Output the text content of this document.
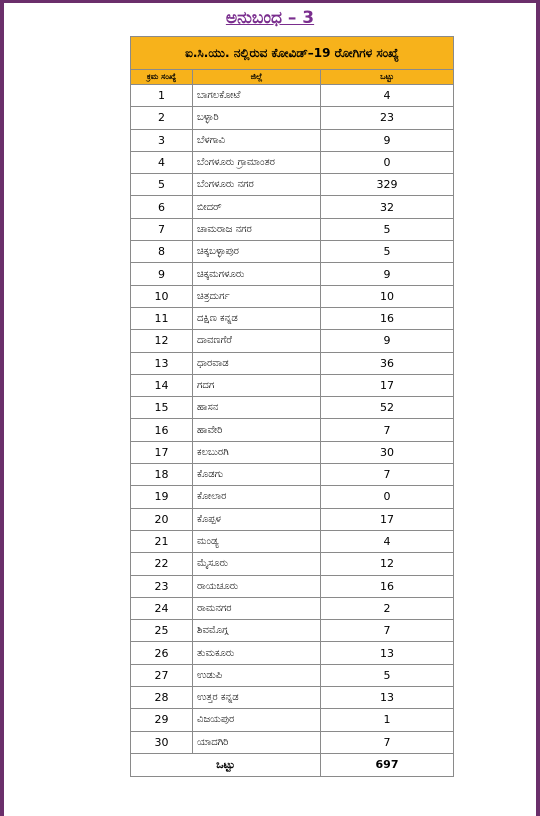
ಅನುಬಂಧ – 3
ಐ.ಸಿ.ಯು. ನಲ್ಲಿರುವ ಕೋವಿಡ್–19 ರೋಗಿಗಳ ಸಂಖ್ಯೆ		
ಕ್ರಮ ಸಂಖ್ಯೆ	ಜಿಲ್ಲೆ	ಒಟ್ಟು
1	ಬಾಗಲಕೋಟೆ	4
2	ಬಳ್ಳಾರಿ	23
3	ಬೆಳಗಾವಿ	9
4	ಬೆಂಗಳೂರು ಗ್ರಾಮಾಂತರ	0
5	ಬೆಂಗಳೂರು ನಗರ	329
6	ಬೀದರ್	32
7	ಚಾಮರಾಜ ನಗರ	5
8	ಚಿಕ್ಕಬಳ್ಳಾಪುರ	5
9	ಚಿಕ್ಕಮಗಳೂರು	9
10	ಚಿತ್ರದುರ್ಗ	10
11	ದಕ್ಷಿಣ ಕನ್ನಡ	16
12	ದಾವಣಗೆರೆ	9
13	ಧಾರವಾಡ	36
14	ಗದಗ	17
15	ಹಾಸನ	52
16	ಹಾವೇರಿ	7
17	ಕಲಬುರಗಿ	30
18	ಕೊಡಗು	7
19	ಕೋಲಾರ	0
20	ಕೊಪ್ಪಳ	17
21	ಮಂಡ್ಯ	4
22	ಮೈಸೂರು	12
23	ರಾಯಚೂರು	16
24	ರಾಮನಗರ	2
25	ಶಿವಮೊಗ್ಗ	7
26	ತುಮಕೂರು	13
27	ಉಡುಪಿ	5
28	ಉತ್ತರ ಕನ್ನಡ	13
29	ವಿಜಯಪುರ	1
30	ಯಾದಗಿರಿ	7
ಒಟ್ಟು		697
